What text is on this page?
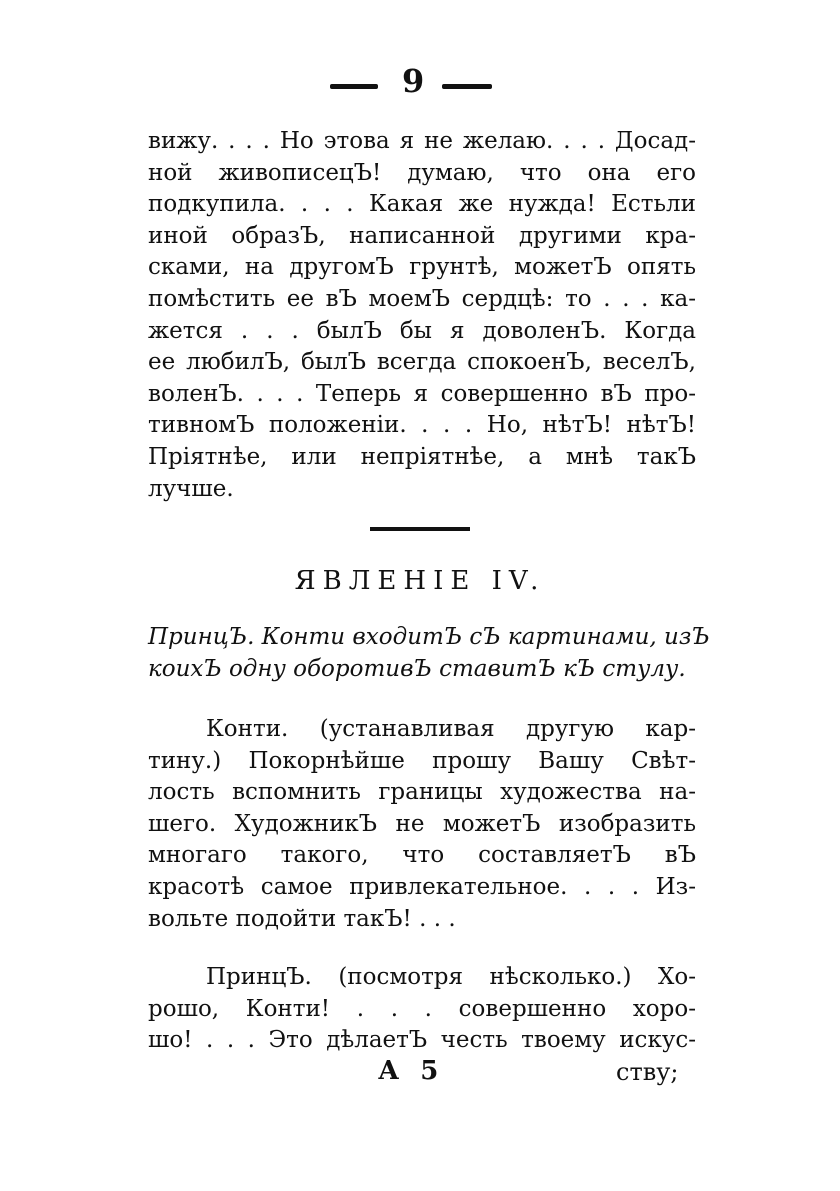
9
вижу. . . . Но этова я не желаю. . . . Досад-
ной живописецЪ! думаю, что она его
подкупила. . . . Какая же нужда! Естьли
иной образЪ, написанной другими кра-
сками, на другомЪ грунтѣ, можетЪ опять
помѣстить ее вЪ моемЪ сердцѣ: то . . . ка-
жется . . . былЪ бы я доволенЪ. Когда
ее любилЪ, былЪ всегда спокоенЪ, веселЪ,
воленЪ. . . . Теперь я совершенно вЪ про-
тивномЪ положеніи. . . . Но, нѣтЪ! нѣтЪ!
Пріятнѣе, или непріятнѣе, а мнѣ такЪ
лучше.
ЯВЛЕНІЕ IV.
ПринцЪ. Конти входитЪ сЪ картинами, изЪ
коихЪ одну оборотивЪ ставитЪ кЪ стулу.
Конти. (устанавливая другую кар-
тину.) Покорнѣйше прошу Вашу Свѣт-
лость вспомнить границы художества на-
шего. ХудожникЪ не можетЪ изобразить
многаго такого, что составляетЪ вЪ
красотѣ самое привлекательное. . . . Из-
вольте подойти такЪ! . . .
ПринцЪ. (посмотря нѣсколько.) Хо-
рошо, Конти! . . . совершенно хоро-
шо! . . . Это дѣлаетЪ честь твоему искус-
А 5	ству;
